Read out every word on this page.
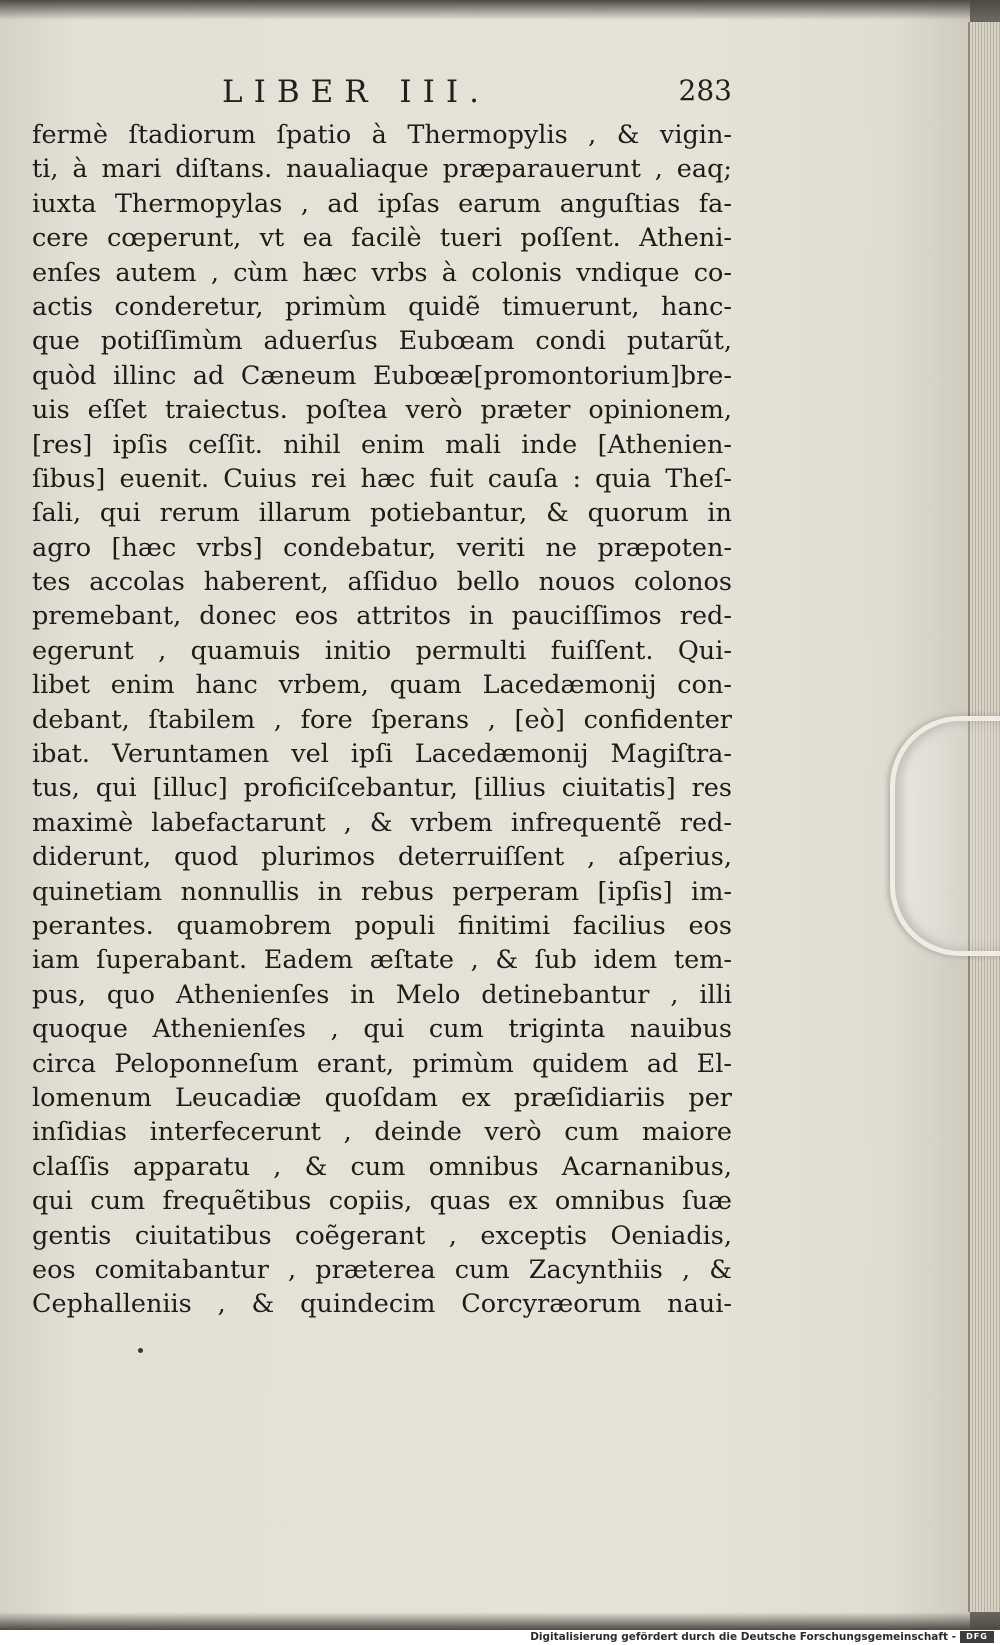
LIBER III.	283
fermè ſtadiorum ſpatio à Thermopylis , & vigin-
ti, à mari diſtans. naualiaque præparauerunt , eaq;
iuxta Thermopylas , ad ipſas earum anguſtias fa-
cere cœperunt, vt ea facilè tueri poſſent. Atheni-
enſes autem , cùm hæc vrbs à colonis vndique co-
actis conderetur, primùm quidẽ timuerunt, hanc-
que potiſſimùm aduerſus Eubœam condi putarũt,
quòd illinc ad Cæneum Eubœæ[promontorium]bre-
uis eſſet traiectus. poſtea verò præter opinionem,
[res] ipſis ceſſit. nihil enim mali inde [Athenien-
ſibus] euenit. Cuius rei hæc fuit cauſa : quia Theſ-
ſali, qui rerum illarum potiebantur, & quorum in
agro [hæc vrbs] condebatur, veriti ne præpoten-
tes accolas haberent, aſſiduo bello nouos colonos
premebant, donec eos attritos in pauciſſimos red-
egerunt , quamuis initio permulti fuiſſent. Qui-
libet enim hanc vrbem, quam Lacedæmonij con-
debant, ſtabilem , fore ſperans , [eò] confidenter
ibat. Veruntamen vel ipſi Lacedæmonij Magiſtra-
tus, qui [illuc] proficiſcebantur, [illius ciuitatis] res
maximè labefactarunt , & vrbem infrequentẽ red-
diderunt, quod plurimos deterruiſſent , aſperius,
quinetiam nonnullis in rebus perperam [ipſis] im-
perantes. quamobrem populi finitimi facilius eos
iam ſuperabant. Eadem æſtate , & ſub idem tem-
pus, quo Athenienſes in Melo detinebantur , illi
quoque Athenienſes , qui cum triginta nauibus
circa Peloponneſum erant, primùm quidem ad El-
lomenum Leucadiæ quoſdam ex præſidiariis per
inſidias interfecerunt , deinde verò cum maiore
claſſis apparatu , & cum omnibus Acarnanibus,
qui cum frequẽtibus copiis, quas ex omnibus ſuæ
gentis ciuitatibus coẽgerant , exceptis Oeniadis,
eos comitabantur , præterea cum Zacynthiis , &
Cephalleniis , & quindecim Corcyræorum naui-
Digitalisierung gefördert durch die Deutsche Forschungsgemeinschaft -	DFG
